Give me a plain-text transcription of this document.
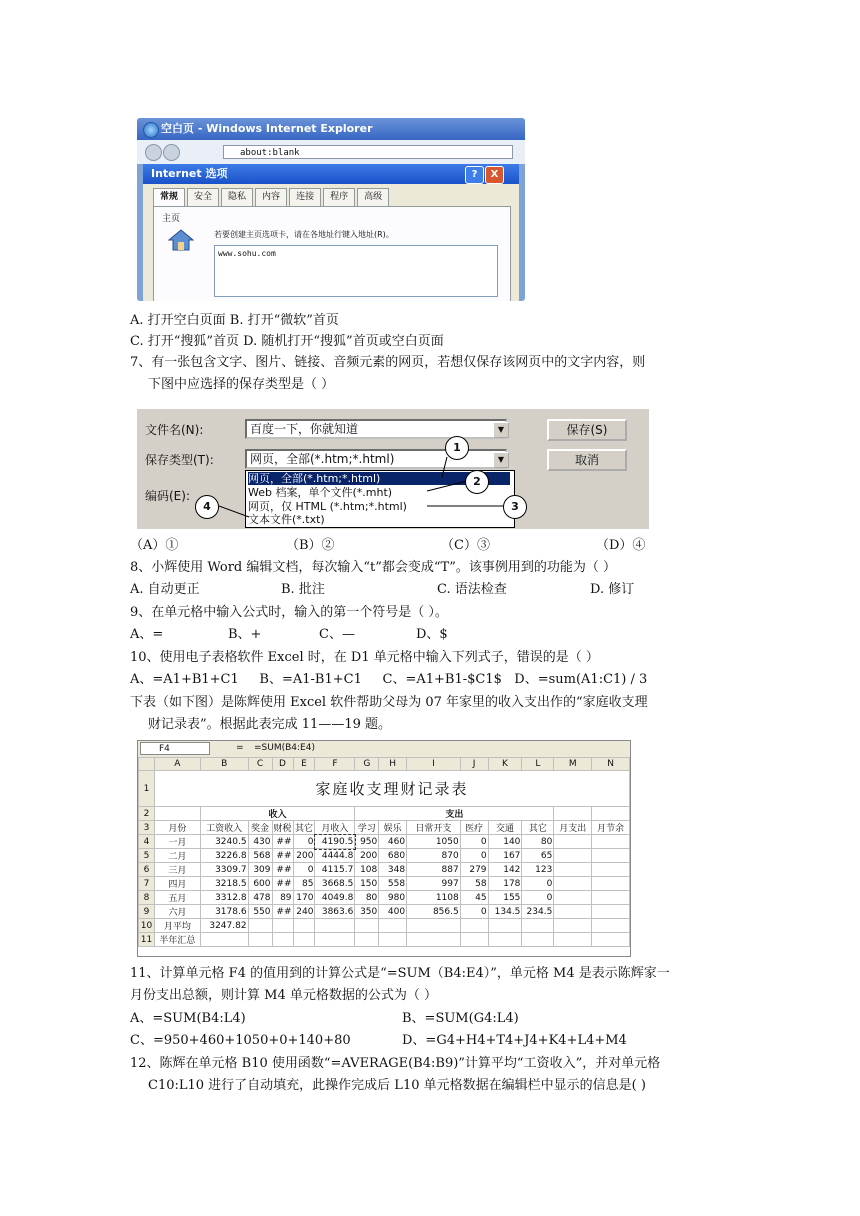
空白页 - Windows Internet Explorer
about:blank
Internet 选项	?	X
常规	安全	隐私	内容	连接	程序	高级
主页
若要创建主页选项卡，请在各地址行键入地址(R)。
www.sohu.com
A. 打开空白页面 B. 打开“微软”首页
C. 打开“搜狐”首页 D. 随机打开“搜狐”首页或空白页面
7、有一张包含文字、图片、链接、音频元素的网页，若想仅保存该网页中的文字内容，则
下图中应选择的保存类型是（ ）
文件名(N):	百度一下，你就知道	▼	保存(S)
保存类型(T):	网页，全部(*.htm;*.html)	▼	取消
编码(E):
网页，全部(*.htm;*.html)
Web 档案，单个文件(*.mht)
网页，仅 HTML (*.htm;*.html)
文本文件(*.txt)
1
2
3
4
（A）①	（B）②	（C）③	（D）④
8、小辉使用 Word 编辑文档，每次输入“t”都会变成“T”。该事例用到的功能为（ ）
A. 自动更正	B. 批注	C. 语法检查	D. 修订
9、在单元格中输入公式时，输入的第一个符号是（ ）。
A、=	B、+	C、—	D、$
10、使用电子表格软件 Excel 时，在 D1 单元格中输入下列式子，错误的是（ ）
A、=A1+B1+C1     B、=A1-B1+C1     C、=A1+B1-$C1$   D、=sum(A1:C1) / 3
下表（如下图）是陈辉使用 Excel 软件帮助父母为 07 年家里的收入支出作的“家庭收支理
财记录表”。根据此表完成 11——19 题。
F4	= =SUM(B4:E4)
	A	B	C	D	E	F	G	H	I	J	K	L	M	N
1	家庭收支理财记录表													
2		收入					支出							
3	月份	工资收入	奖金	财税	其它	月收入	学习	娱乐	日常开支	医疗	交通	其它	月支出	月节余
4	一月	3240.5	430	##	0	4190.5	950	460	1050	0	140	80		
5	二月	3226.8	568	##	200	4444.8	200	680	870	0	167	65		
6	三月	3309.7	309	##	0	4115.7	108	348	887	279	142	123		
7	四月	3218.5	600	##	85	3668.5	150	558	997	58	178	0		
8	五月	3312.8	478	89	170	4049.8	80	980	1108	45	155	0		
9	六月	3178.6	550	##	240	3863.6	350	400	856.5	0	134.5	234.5		
10	月平均	3247.82												
11	半年汇总													
11、计算单元格 F4 的值用到的计算公式是“=SUM（B4:E4）”，单元格 M4 是表示陈辉家一
月份支出总额，则计算 M4 单元格数据的公式为（ ）
A、=SUM(B4:L4)	B、=SUM(G4:L4)
C、=950+460+1050+0+140+80	D、=G4+H4+T4+J4+K4+L4+M4
12、陈辉在单元格 B10 使用函数“=AVERAGE(B4:B9)”计算平均“工资收入”，并对单元格
C10:L10 进行了自动填充，此操作完成后 L10 单元格数据在编辑栏中显示的信息是( )
